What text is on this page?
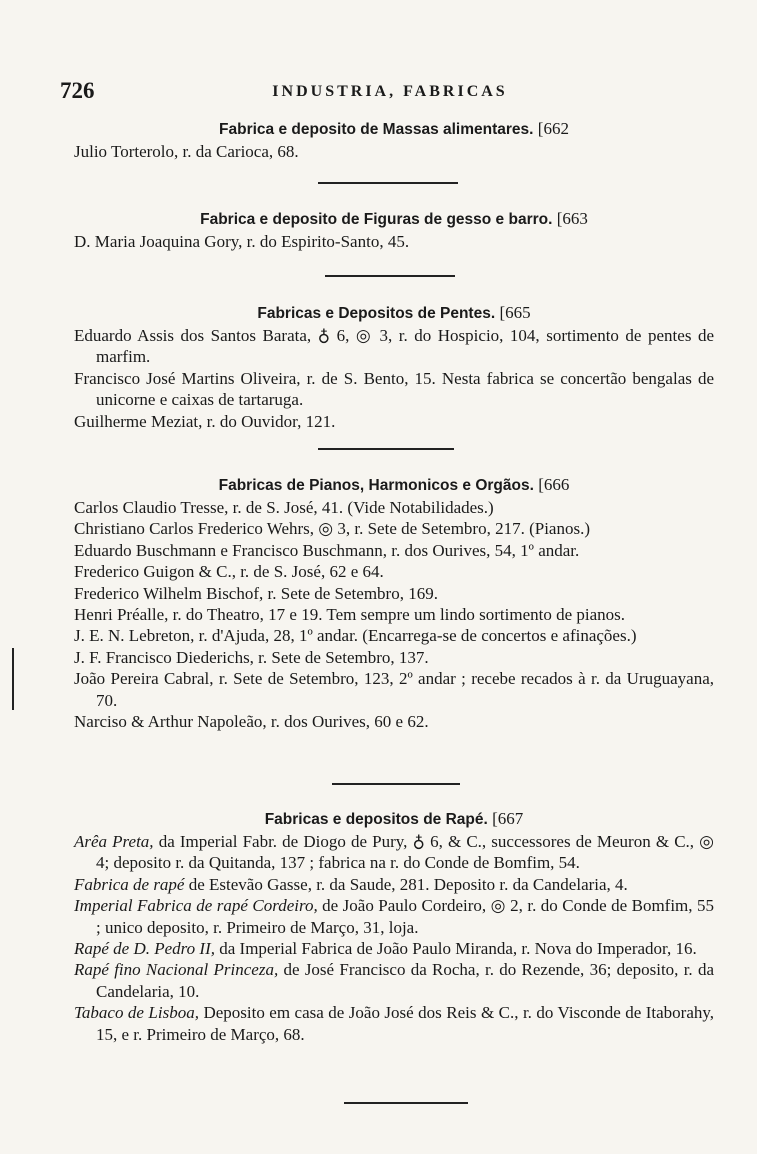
726	INDUSTRIA, FABRICAS

Fabrica e deposito de Massas alimentares. [662

Julio Torterolo, r. da Carioca, 68.

Fabrica e deposito de Figuras de gesso e barro. [663

D. Maria Joaquina Gory, r. do Espirito-Santo, 45.

Fabricas e Depositos de Pentes. [665

Eduardo Assis dos Santos Barata, ♁ 6, ◎ 3, r. do Hospicio, 104, sortimento de pentes de marfim.

Francisco José Martins Oliveira, r. de S. Bento, 15. Nesta fabrica se concertão bengalas de unicorne e caixas de tartaruga.

Guilherme Meziat, r. do Ouvidor, 121.

Fabricas de Pianos, Harmonicos e Orgãos. [666

Carlos Claudio Tresse, r. de S. José, 41. (Vide Notabilidades.)

Christiano Carlos Frederico Wehrs, ◎ 3, r. Sete de Setembro, 217. (Pianos.)

Eduardo Buschmann e Francisco Buschmann, r. dos Ourives, 54, 1º andar.

Frederico Guigon & C., r. de S. José, 62 e 64.

Frederico Wilhelm Bischof, r. Sete de Setembro, 169.

Henri Préalle, r. do Theatro, 17 e 19. Tem sempre um lindo sortimento de pianos.

J. E. N. Lebreton, r. d'Ajuda, 28, 1º andar. (Encarrega-se de concertos e afinações.)

J. F. Francisco Diederichs, r. Sete de Setembro, 137.

João Pereira Cabral, r. Sete de Setembro, 123, 2º andar ; recebe recados à r. da Uruguayana, 70.

Narciso & Arthur Napoleão, r. dos Ourives, 60 e 62.

Fabricas e depositos de Rapé. [667

Arêa Preta, da Imperial Fabr. de Diogo de Pury, ♁ 6, & C., successores de Meuron & C., ◎ 4; deposito r. da Quitanda, 137 ; fabrica na r. do Conde de Bomfim, 54.

Fabrica de rapé de Estevão Gasse, r. da Saude, 281. Deposito r. da Candelaria, 4.

Imperial Fabrica de rapé Cordeiro, de João Paulo Cordeiro, ◎ 2, r. do Conde de Bomfim, 55 ; unico deposito, r. Primeiro de Março, 31, loja.

Rapé de D. Pedro II, da Imperial Fabrica de João Paulo Miranda, r. Nova do Imperador, 16.

Rapé fino Nacional Princeza, de José Francisco da Rocha, r. do Rezende, 36; deposito, r. da Candelaria, 10.

Tabaco de Lisboa, Deposito em casa de João José dos Reis & C., r. do Visconde de Itaborahy, 15, e r. Primeiro de Março, 68.
